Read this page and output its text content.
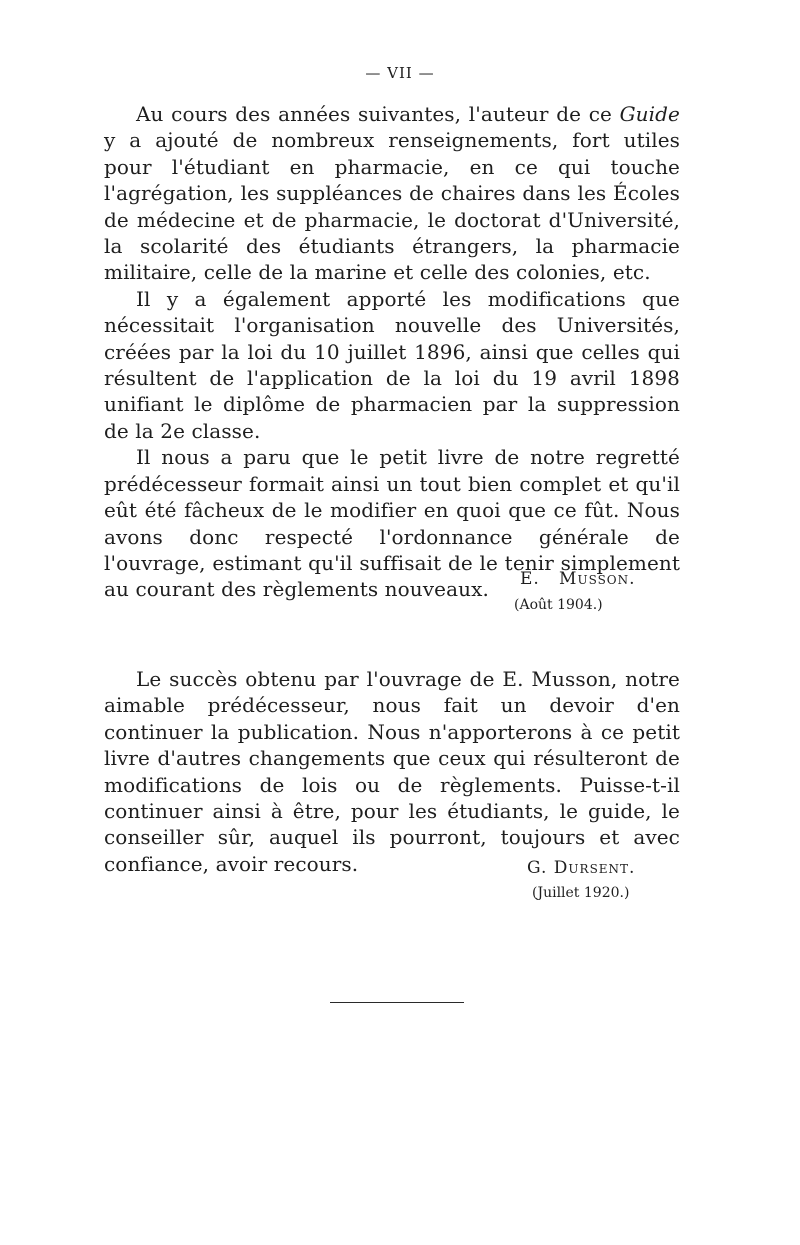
— VII —

Au cours des années suivantes, l'auteur de ce Guide y a ajouté de nombreux renseignements, fort utiles pour l'étudiant en pharmacie, en ce qui touche l'agrégation, les suppléances de chaires dans les Écoles de médecine et de pharmacie, le doctorat d'Université, la scolarité des étudiants étrangers, la pharmacie militaire, celle de la marine et celle des colonies, etc.

Il y a également apporté les modifications que nécessitait l'organisation nouvelle des Universités, créées par la loi du 10 juillet 1896, ainsi que celles qui résultent de l'application de la loi du 19 avril 1898 unifiant le diplôme de pharmacien par la suppression de la 2e classe.

Il nous a paru que le petit livre de notre regretté prédécesseur formait ainsi un tout bien complet et qu'il eût été fâcheux de le modifier en quoi que ce fût. Nous avons donc respecté l'ordonnance générale de l'ouvrage, estimant qu'il suffisait de le tenir simplement au courant des règlements nouveaux.	E. Musson.
(Août 1904.)

Le succès obtenu par l'ouvrage de E. Musson, notre aimable prédécesseur, nous fait un devoir d'en continuer la publication. Nous n'apporterons à ce petit livre d'autres changements que ceux qui résulteront de modifications de lois ou de règlements. Puisse-t-il continuer ainsi à être, pour les étudiants, le guide, le conseiller sûr, auquel ils pourront, toujours et avec confiance, avoir recours.	G. Dursent.
(Juillet 1920.)
